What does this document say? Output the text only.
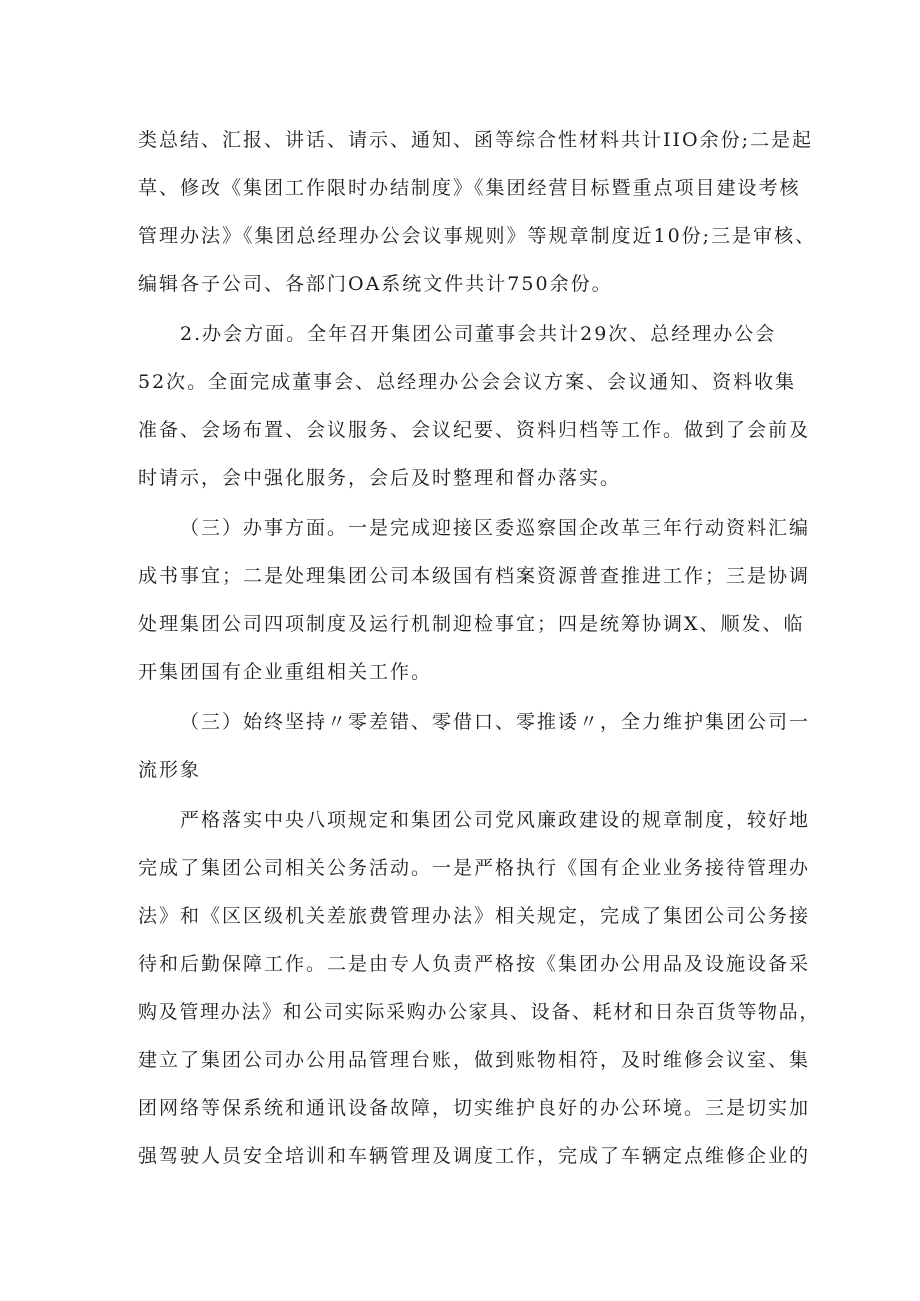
类总结、汇报、讲话、请示、通知、函等综合性材料共计IIO余份;二是起
草、修改《集团工作限时办结制度》《集团经营目标暨重点项目建设考核
管理办法》《集团总经理办公会议事规则》等规章制度近10份;三是审核、
编辑各子公司、各部门OA系统文件共计750余份。
2.办会方面。全年召开集团公司董事会共计29次、总经理办公会
52次。全面完成董事会、总经理办公会会议方案、会议通知、资料收集
准备、会场布置、会议服务、会议纪要、资料归档等工作。做到了会前及
时请示，会中强化服务，会后及时整理和督办落实。
（三）办事方面。一是完成迎接区委巡察国企改革三年行动资料汇编
成书事宜；二是处理集团公司本级国有档案资源普查推进工作；三是协调
处理集团公司四项制度及运行机制迎检事宜；四是统筹协调X、顺发、临
开集团国有企业重组相关工作。
（三）始终坚持〃零差错、零借口、零推诿〃，全力维护集团公司一
流形象
严格落实中央八项规定和集团公司党风廉政建设的规章制度，较好地
完成了集团公司相关公务活动。一是严格执行《国有企业业务接待管理办
法》和《区区级机关差旅费管理办法》相关规定，完成了集团公司公务接
待和后勤保障工作。二是由专人负责严格按《集团办公用品及设施设备采
购及管理办法》和公司实际采购办公家具、设备、耗材和日杂百货等物品，
建立了集团公司办公用品管理台账，做到账物相符，及时维修会议室、集
团网络等保系统和通讯设备故障，切实维护良好的办公环境。三是切实加
强驾驶人员安全培训和车辆管理及调度工作，完成了车辆定点维修企业的
